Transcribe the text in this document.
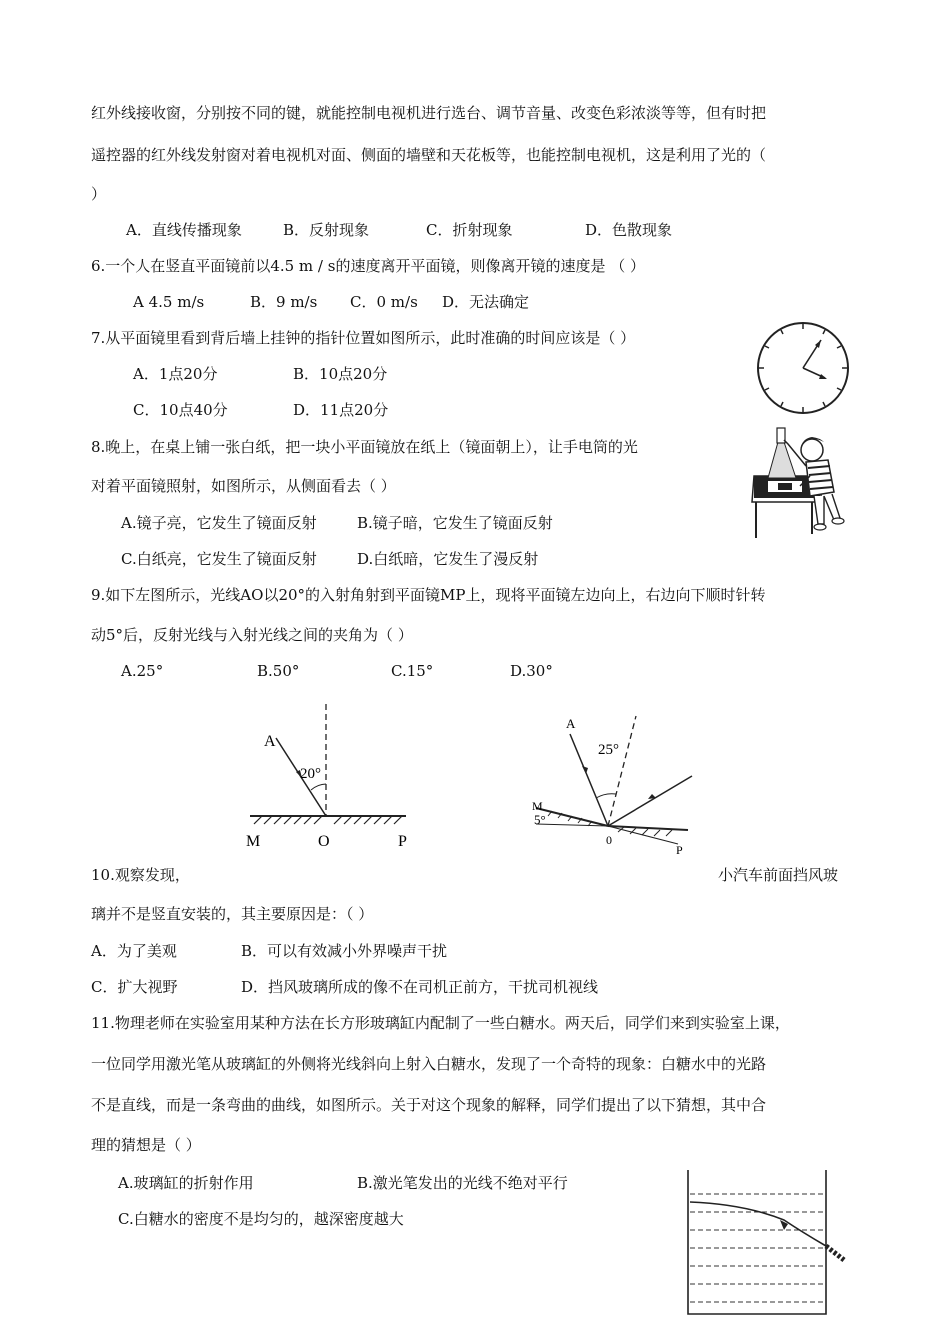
红外线接收窗，分别按不同的键，就能控制电视机进行选台、调节音量、改变色彩浓淡等等，但有时把
遥控器的红外线发射窗对着电视机对面、侧面的墙壁和天花板等，也能控制电视机，这是利用了光的（
）
A．直线传播现象	B．反射现象	C．折射现象	D．色散现象
6.一个人在竖直平面镜前以4.5 m / s的速度离开平面镜，则像离开镜的速度是 （ ）
A 4.5 m/s	B．9 m/s C．0 m/s D．无法确定
7.从平面镜里看到背后墙上挂钟的指针位置如图所示，此时准确的时间应该是（ ）
A．1点20分	B．10点20分
C．10点40分	D．11点20分
8.晚上，在桌上铺一张白纸，把一块小平面镜放在纸上（镜面朝上），让手电筒的光
对着平面镜照射，如图所示，从侧面看去（ ）
A.镜子亮，它发生了镜面反射	B.镜子暗，它发生了镜面反射
C.白纸亮，它发生了镜面反射	D.白纸暗，它发生了漫反射
9.如下左图所示，光线AO以20°的入射角射到平面镜MP上，现将平面镜左边向上，右边向下顺时针转
动5°后，反射光线与入射光线之间的夹角为（ ）
A.25°	B.50°	C.15°	D.30°
A
20°
M	O	P
A
25°
M
5°
0
P
10.观察发现，	小汽车前面挡风玻
璃并不是竖直安装的，其主要原因是：（ ）
A．为了美观	B．可以有效减小外界噪声干扰
C．扩大视野	D．挡风玻璃所成的像不在司机正前方，干扰司机视线
11.物理老师在实验室用某种方法在长方形玻璃缸内配制了一些白糖水。两天后，同学们来到实验室上课，
一位同学用激光笔从玻璃缸的外侧将光线斜向上射入白糖水，发现了一个奇特的现象：白糖水中的光路
不是直线，而是一条弯曲的曲线，如图所示。关于对这个现象的解释，同学们提出了以下猜想，其中合
理的猜想是（ ）
A.玻璃缸的折射作用	B.激光笔发出的光线不绝对平行
C.白糖水的密度不是均匀的，越深密度越大
